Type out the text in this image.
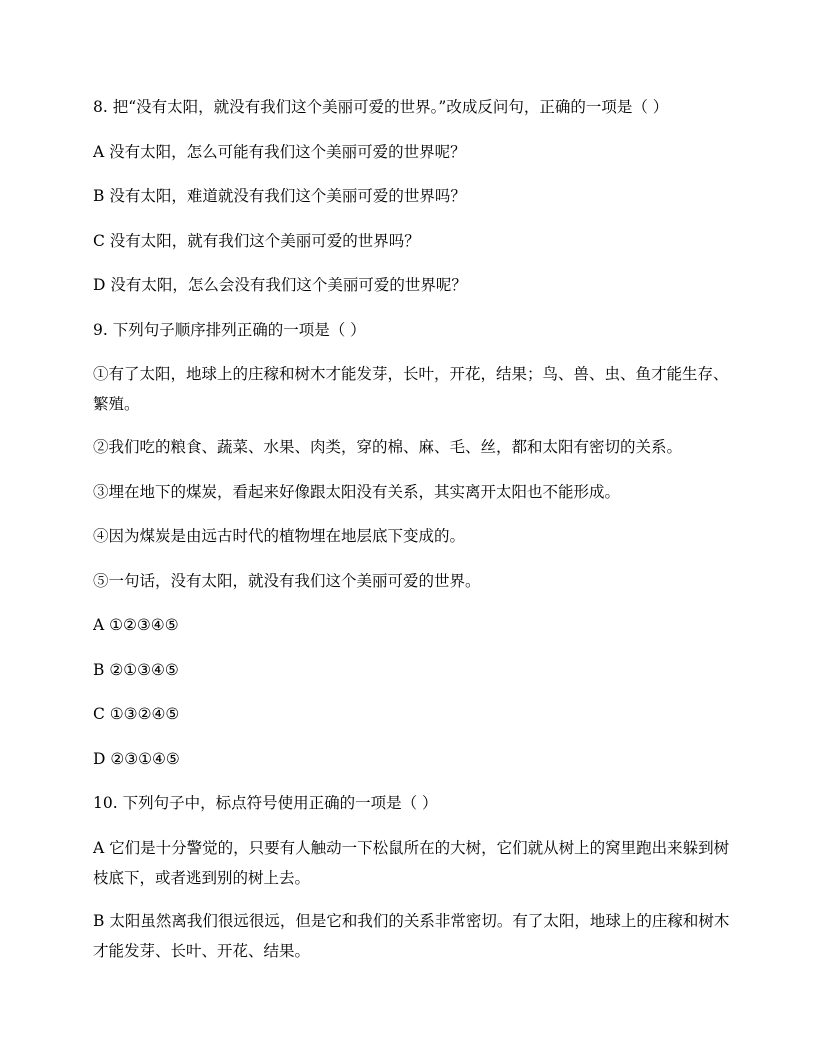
8. 把“没有太阳，就没有我们这个美丽可爱的世界。”改成反问句，正确的一项是（ ）
A 没有太阳，怎么可能有我们这个美丽可爱的世界呢？
B 没有太阳，难道就没有我们这个美丽可爱的世界吗？
C 没有太阳，就有我们这个美丽可爱的世界吗？
D 没有太阳，怎么会没有我们这个美丽可爱的世界呢？
9. 下列句子顺序排列正确的一项是（ ）
①有了太阳，地球上的庄稼和树木才能发芽，长叶，开花，结果；鸟、兽、虫、鱼才能生存、繁殖。
②我们吃的粮食、蔬菜、水果、肉类，穿的棉、麻、毛、丝，都和太阳有密切的关系。
③埋在地下的煤炭，看起来好像跟太阳没有关系，其实离开太阳也不能形成。
④因为煤炭是由远古时代的植物埋在地层底下变成的。
⑤一句话，没有太阳，就没有我们这个美丽可爱的世界。
A ①②③④⑤
B ②①③④⑤
C ①③②④⑤
D ②③①④⑤
10. 下列句子中，标点符号使用正确的一项是（ ）
A 它们是十分警觉的，只要有人触动一下松鼠所在的大树，它们就从树上的窝里跑出来躲到树枝底下，或者逃到别的树上去。
B 太阳虽然离我们很远很远，但是它和我们的关系非常密切。有了太阳，地球上的庄稼和树木才能发芽、长叶、开花、结果。
